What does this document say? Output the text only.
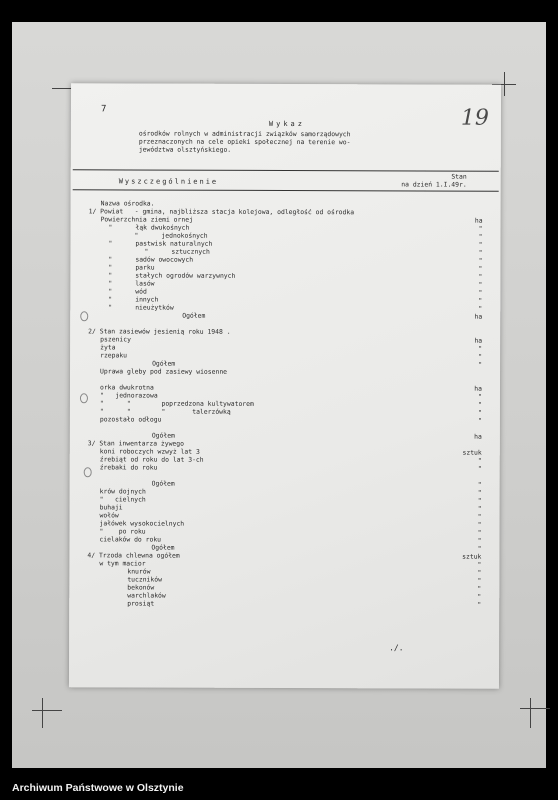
7	19
Wykaz
ośrodków rolnych w administracji związków samorządowych
przeznaczonych na cele opieki społecznej na terenie wo-
jewództwa olsztyńskiego.
Wyszczególnienie
Stan
na dzień 1.I.49r.
Nazwa ośrodka.
1/ Powiat   - gmina, najbliższa stacja kolejowa, odległość od ośrodka
Powierzchnia ziemi ornej	ha
"      łąk dwukośnych	"
"      jednokośnych	"
"      pastwisk naturalnych	"
"      sztucznych	"
"      sadów owocowych	"
"      parku	"
"      stałych ogrodów warzywnych	"
"      lasów	"
"      wód	"
"      innych	"
"      nieużytków	"
Ogółem	ha
2/ Stan zasiewów jesienią roku 1948 .
pszenicy	ha
żyta	"
rzepaku	"
Ogółem	"
Uprawa gleby pod zasiewy wiosenne
orka dwukrotna	ha
"   jednorazowa	"
"      "        poprzedzona kultywatorem	"
"      "        "       talerzówką	"
pozostało odłogu	"
Ogółem	ha
3/ Stan inwentarza żywego
koni roboczych wzwyż lat 3	sztuk
źrebiąt od roku do lat 3-ch	"
źrebaki do roku	"
Ogółem	"
krów dojnych	"
"   cielnych	"
buhaji	"
wołów	"
jałówek wysokocielnych	"
"    po roku	"
cielaków do roku	"
Ogółem	"
4/ Trzoda chlewna ogółem	sztuk
w tym macior	"
knurów	"
tuczników	"
bekonów	"
warchlaków	"
prosiąt	"
./.
Archiwum Państwowe w Olsztynie
